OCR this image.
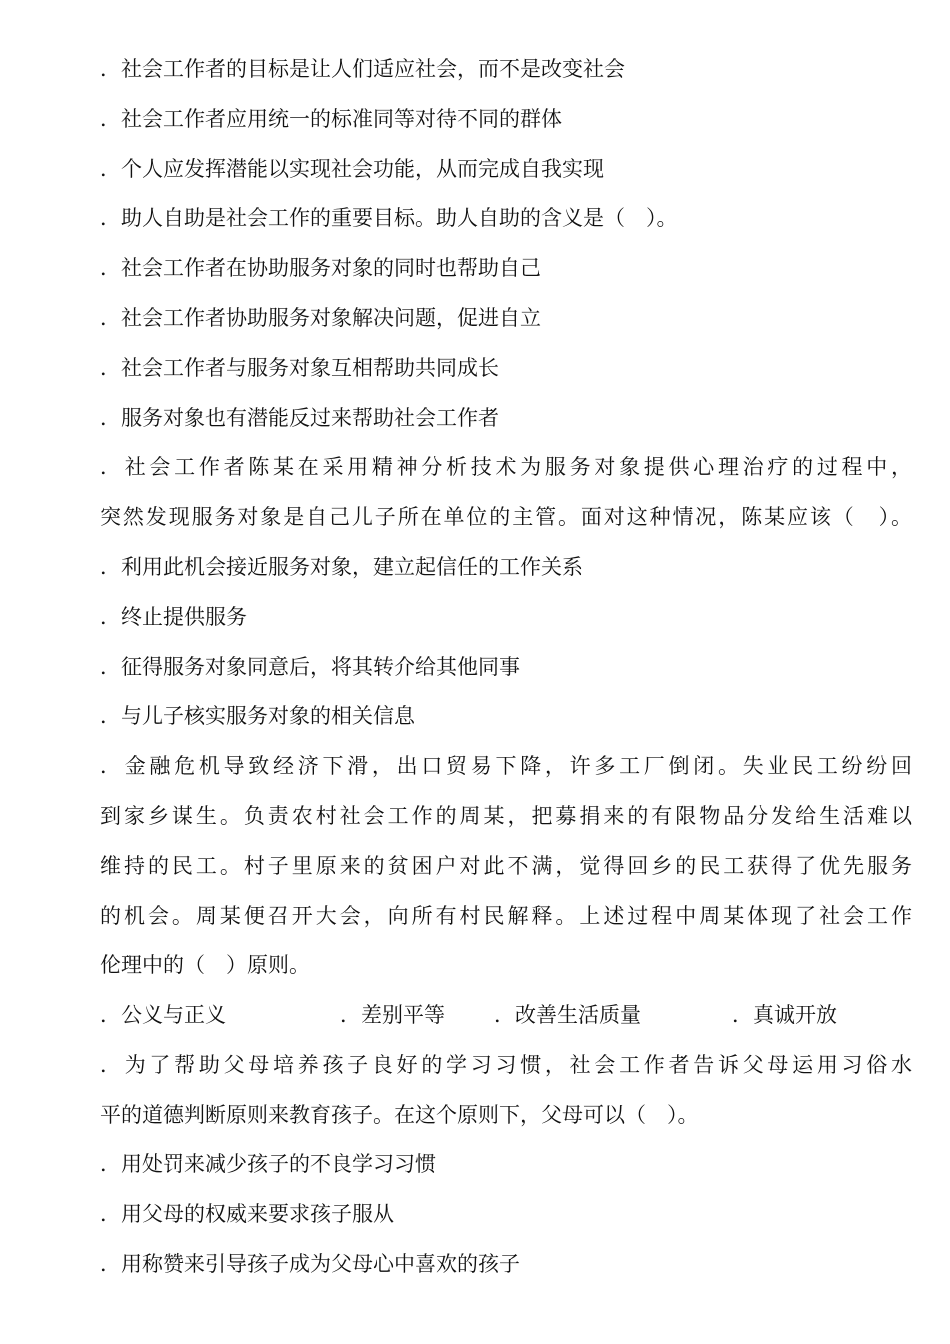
．社会工作者的目标是让人们适应社会，而不是改变社会
．社会工作者应用统一的标准同等对待不同的群体
．个人应发挥潜能以实现社会功能，从而完成自我实现
．助人自助是社会工作的重要目标。助人自助的含义是（　）。
．社会工作者在协助服务对象的同时也帮助自己
．社会工作者协助服务对象解决问题，促进自立
．社会工作者与服务对象互相帮助共同成长
．服务对象也有潜能反过来帮助社会工作者
．社会工作者陈某在采用精神分析技术为服务对象提供心理治疗的过程中，
突然发现服务对象是自己儿子所在单位的主管。面对这种情况，陈某应该（　）。
．利用此机会接近服务对象，建立起信任的工作关系
．终止提供服务
．征得服务对象同意后，将其转介给其他同事
．与儿子核实服务对象的相关信息
．金融危机导致经济下滑，出口贸易下降，许多工厂倒闭。失业民工纷纷回
到家乡谋生。负责农村社会工作的周某，把募捐来的有限物品分发给生活难以
维持的民工。村子里原来的贫困户对此不满，觉得回乡的民工获得了优先服务
的机会。周某便召开大会，向所有村民解释。上述过程中周某体现了社会工作
伦理中的（　）原则。
．公义与正义	．差别平等 ．改善生活质量	．真诚开放
．为了帮助父母培养孩子良好的学习习惯，社会工作者告诉父母运用习俗水
平的道德判断原则来教育孩子。在这个原则下，父母可以（　）。
．用处罚来减少孩子的不良学习习惯
．用父母的权威来要求孩子服从
．用称赞来引导孩子成为父母心中喜欢的孩子
